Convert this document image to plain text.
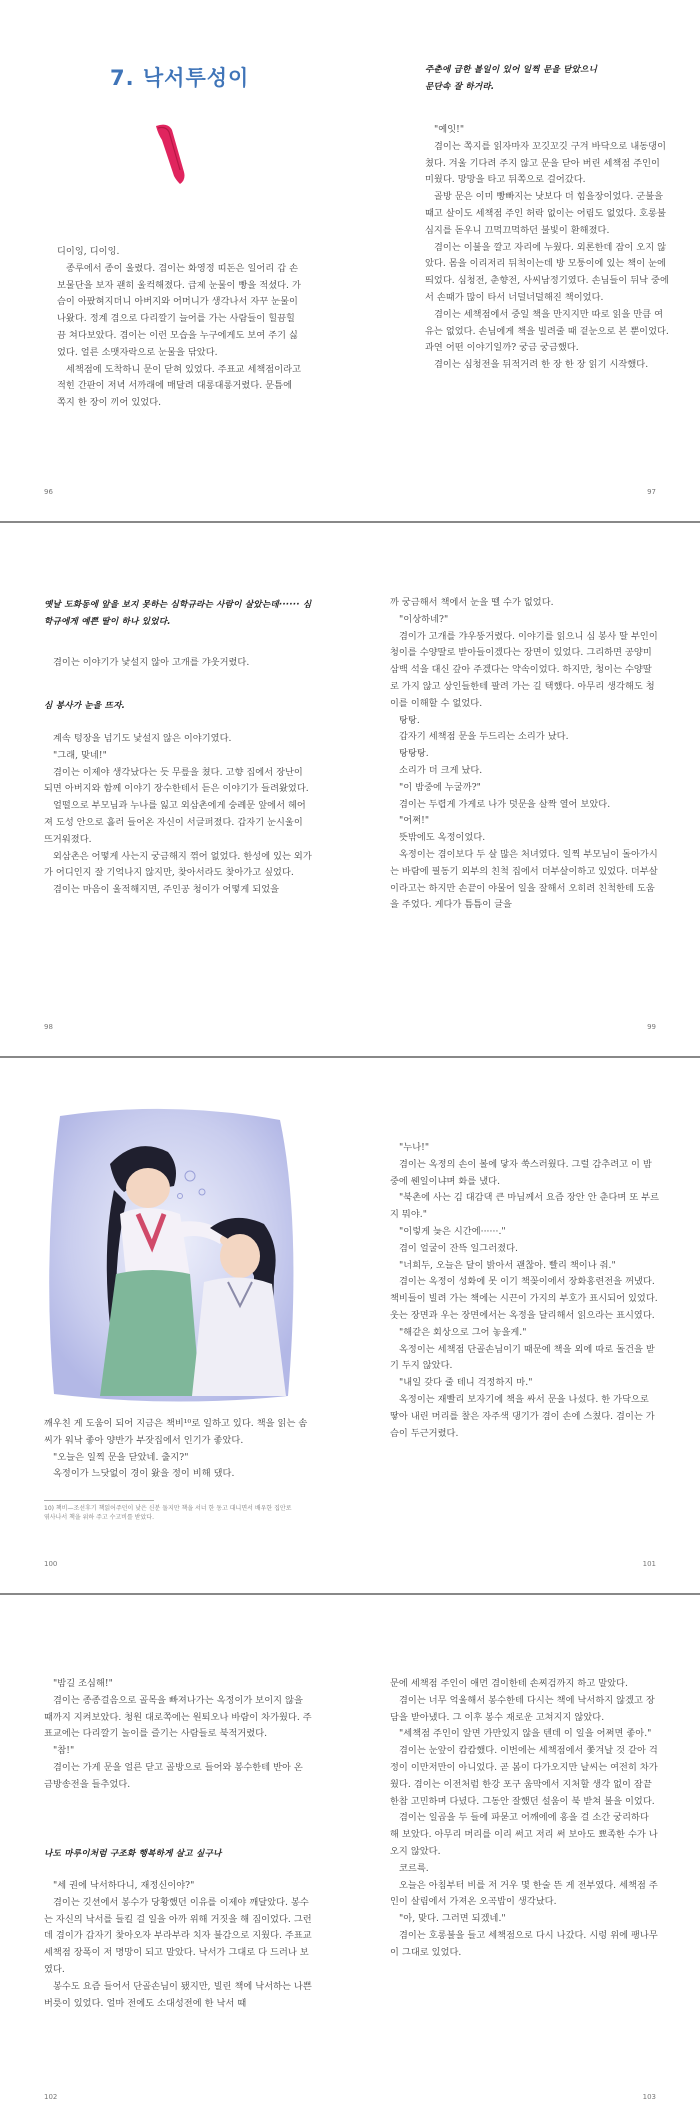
7. 낙서투성이

디이잉, 디이잉.

종루에서 종이 울렸다. 겸이는 화영정 띠돈은 일어리 갑 손 보물단을 보자 괜히 울컥해졌다. 급제 눈물이 빵을 적셨다. 가슴이 아팠혀지더니 아버지와 어머니가 생각나서 자꾸 눈물이 나왔다. 정계 겸으로 다리깔기 늘어를 가는 사람들이 힐끔힐끔 쳐다보았다. 겸이는 이런 모습을 누구에게도 보여 주기 싫었다. 얼른 소맷자락으로 눈물을 닦았다.

세책점에 도착하니 문이 닫혀 있었다. 주표교 세책점이라고 적힌 간판이 저녁 서까래에 매달려 대롱대롱거렸다. 문틈에 쪽지 한 장이 끼어 있었다.

96
주춘에 급한 볼일이 있어 일찍 문을 닫았으니
문단속 잘 하거라.

"예잇!"

겸이는 쪽지를 읽자마자 꼬깃꼬깃 구겨 바닥으로 내동댕이쳤다. 겨울 기다려 주지 않고 문을 닫아 버린 세책점 주인이 미웠다. 망망을 타고 뒤쪽으로 걸어갔다.

골방 문은 이미 빵빠지는 낫보다 더 힘을장이었다. 군불을 때고 살이도 세책점 주인 허락 없이는 어림도 없었다. 호롱불 심지를 돋우니 끄먹끄먹하던 불빛이 환해졌다.

겸이는 이불을 깔고 자리에 누웠다. 외론한데 잠이 오지 않았다. 몸을 이리저리 뒤척이는데 방 모퉁이에 있는 책이 눈에 띄었다. 심청전, 춘향전, 사씨남정기였다. 손님들이 뒤낙 중에서 손때가 많이 타서 너덜너덜해진 책이었다.

겸이는 세책점에서 중일 책을 만지지만 따로 읽을 만큼 여유는 없었다. 손님에게 책을 빌려줄 때 겉눈으로 본 뿐이었다. 과연 어떤 이야기일까? 궁금 궁금했다.

겸이는 심청전을 뒤적거려 한 장 한 장 읽기 시작했다.

97
옛날 도화동에 앞을 보지 못하는 심학규라는 사람이 살았는데······ 심학규에게 예쁜 딸이 하나 있었다.

겸이는 이야기가 낯설지 않아 고개를 갸웃거렸다.

심 봉사가 눈을 뜨자.

계속 텅장을 넘기도 낯설지 않은 이야기였다.

"그래, 맞네!"

겸이는 이제야 생각났다는 듯 무릎을 쳤다. 고향 집에서 장난이 되면 아버지와 함께 이야기 장수한테서 듣은 이야기가 들려왔었다.

얼떨으로 부모님과 누나를 잃고 외삼촌에게 숭례문 앞에서 헤어져 도성 안으로 흘러 들어온 자신이 서글퍼졌다. 갑자기 눈시울이 뜨거워졌다.

외삼촌은 어떻게 사는지 궁금해지 꺾어 없었다. 한성에 있는 외가가 어디인지 잘 기억나지 않지만, 찾아서라도 찾아가고 싶었다.

겸이는 마음이 울적해지면, 주인공 청이가 어떻게 되었을

98

까 궁금해서 책에서 눈을 뗄 수가 없었다.

"이상하네?"

겸이가 고개를 갸우뚱거렸다. 이야기를 읽으니 심 봉사 딸 부인이 청이를 수양딸로 받아들이겠다는 장면이 있었다. 그리하면 공양미 삼백 석을 대신 갚아 주겠다는 약속이었다. 하지만, 청이는 수양딸로 가지 않고 상인들한테 팔려 가는 길 택했다. 아무리 생각해도 청이를 이해할 수 없었다.

탕탕.

갑자기 세책점 문을 두드리는 소리가 났다.

탕탕탕.

소리가 더 크게 났다.

"이 밤중에 누굴까?"

겸이는 두렵게 가게로 나가 덧문을 살짝 열어 보았다.

"어쩌!"

뜻밖에도 옥정이었다.

옥정이는 겸이보다 두 살 많은 처녀였다. 일찍 부모님이 돌아가시는 바람에 필동기 외부의 친척 집에서 더부살이하고 있었다. 더부살이라고는 하지만 손끝이 야물어 일을 잘해서 오히려 친척한테 도움을 주었다. 게다가 틈틈이 글을

99

깨우친 게 도움이 되어 지금은 책비¹⁰로 일하고 있다. 책을 읽는 솜씨가 워낙 좋아 양반가 부잣집에서 인기가 좋았다.

"오늘은 일찍 문을 닫았네. 출지?"

옥정이가 느닷없이 경이 왔을 정이 비해 댔다.

10) 책비—조선후기 책읽어주던이 낮은 신분 돌지만 책을 서너 한 동고 대니면서 배우한 집안로 엮사나서 책을 위하 주고 수고비를 받았다.
100

"누나!"

겸이는 옥정의 손이 볼에 닿자 쑥스러웠다. 그럴 감추려고 이 밤중에 웬일이냐며 화를 냈다.

"북촌에 사는 김 대감댁 큰 마님께서 요즘 장안 안 춘다며 또 부르지 뭐야."

"이렇게 늦은 시간에······."

겸이 얼굴이 잔뜩 일그러졌다.

"너희두, 오늘은 달이 밝아서 괜찮아. 빨리 책이나 줘."

겸이는 옥정이 성화에 못 이기 책꽂이에서 장화홍련전을 꺼냈다. 책비들이 빌려 가는 책에는 시끈이 가지의 부호가 표시되어 있었다. 웃는 장면과 우는 장면에서는 옥정을 달리해서 읽으라는 표시였다.

"해같은 회상으로 그어 놓을게."

옥정이는 세책점 단골손님이기 때문에 책을 외에 따로 돌건을 받기 두지 않았다.

"내일 갖다 줄 테니 걱정하지 마."

옥정이는 재빨리 보자기에 책을 싸서 문을 나섰다. 한 가닥으로 땋아 내린 머리를 찰은 자주색 댕기가 겸이 손에 스쳤다. 겸이는 가슴이 두근거렸다.

101

"밤길 조심해!"

겸이는 종종걸음으로 골목을 빠져나가는 옥정이가 보이지 않을 때까지 지켜보았다. 청원 대로쪽에는 원퇴오나 바람이 차가웠다. 주표교에는 다리깔기 놀이를 즐기는 사람들로 북적거렸다.

"참!"

겸이는 가게 문을 얼른 닫고 골방으로 들어와 봉수한테 반아 온 금방송전을 들추었다.

나도 마루이처럼 구조화 행복하게 살고 싶구나

"세 권에 낙서하다니, 재정신이야?"

겸이는 깃션에서 봉수가 당황했던 이유를 이제야 깨달았다. 봉수는 자신의 낙서를 들킬 걸 일을 아까 위해 거짓을 해 짐이었다. 그런데 겸이가 갑자기 찾아오자 부라부라 치자 불감으로 지웠다. 주표교 세책점 장폭이 저 명망이 되고 말았다. 낙서가 그대로 다 드러나 보였다.

봉수도 요즘 들어서 단골손님이 됐지만, 빌린 책에 낙서하는 나쁜 버릇이 있었다. 얼마 전에도 소대성전에 한 낙서 때

102

문에 세책점 주인이 애먼 겸이한테 손찌검까지 하고 말았다.

겸이는 너무 억울해서 봉수한테 다시는 책에 낙서하지 않겠고 장담을 받아냈다. 그 이후 봉수 재로운 고쳐지지 않았다.

"세책점 주인이 알면 가만있지 않을 텐데 이 일을 어쩌면 좋아."

겸이는 눈앞이 캄캄했다. 이번에는 세책점에서 쫓겨날 것 같아 걱정이 이만저만이 아니었다. 곧 봄이 다가오지만 날씨는 여전히 차가웠다. 겸이는 이전처럼 한강 포구 움막에서 지처할 생각 없이 잠끝 한참 고민하며 다녔다. 그동안 잘했던 설움이 북 받쳐 불을 이었다.

겸이는 일곱을 두 들에 파묻고 어깨에에 홍을 걸 소간 궁리하다 해 보았다. 아무리 머리를 이리 써고 저리 써 보아도 뾰족한 수가 나오지 않았다.

코르륵.

오늘은 아침부터 비를 저 거우 몇 한술 뜬 게 전부였다. 세책점 주인이 살림에서 가져온 오곡밥이 생각났다.

"아, 맞다. 그러면 되겠네."

겸이는 호롱불을 들고 세책점으로 다시 나갔다. 시렁 위에 팽나무이 그대로 있었다.

103
